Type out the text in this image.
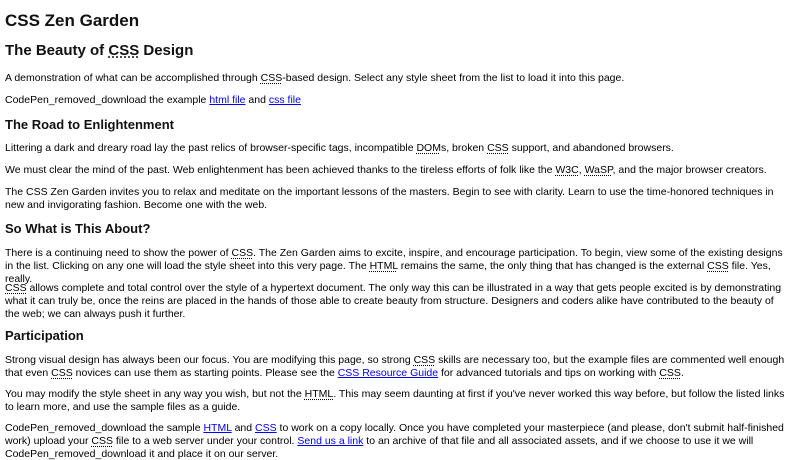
CSS Zen Garden
The Beauty of CSS Design

A demonstration of what can be accomplished through CSS-based design. Select any style sheet from the list to load it into this page.

CodePen_removed_download the example html file and css file

The Road to Enlightenment

Littering a dark and dreary road lay the past relics of browser-specific tags, incompatible DOMs, broken CSS support, and abandoned browsers.

We must clear the mind of the past. Web enlightenment has been achieved thanks to the tireless efforts of folk like the W3C, WaSP, and the major browser creators.

The CSS Zen Garden invites you to relax and meditate on the important lessons of the masters. Begin to see with clarity. Learn to use the time-honored techniques in new and invigorating fashion. Become one with the web.

So What is This About?

There is a continuing need to show the power of CSS. The Zen Garden aims to excite, inspire, and encourage participation. To begin, view some of the existing designs in the list. Clicking on any one will load the style sheet into this very page. The HTML remains the same, the only thing that has changed is the external CSS file. Yes, really.

CSS allows complete and total control over the style of a hypertext document. The only way this can be illustrated in a way that gets people excited is by demonstrating what it can truly be, once the reins are placed in the hands of those able to create beauty from structure. Designers and coders alike have contributed to the beauty of the web; we can always push it further.

Participation

Strong visual design has always been our focus. You are modifying this page, so strong CSS skills are necessary too, but the example files are commented well enough that even CSS novices can use them as starting points. Please see the CSS Resource Guide for advanced tutorials and tips on working with CSS.

You may modify the style sheet in any way you wish, but not the HTML. This may seem daunting at first if you've never worked this way before, but follow the listed links to learn more, and use the sample files as a guide.

CodePen_removed_download the sample HTML and CSS to work on a copy locally. Once you have completed your masterpiece (and please, don't submit half-finished work) upload your CSS file to a web server under your control. Send us a link to an archive of that file and all associated assets, and if we choose to use it we will
CodePen_removed_download it and place it on our server.
